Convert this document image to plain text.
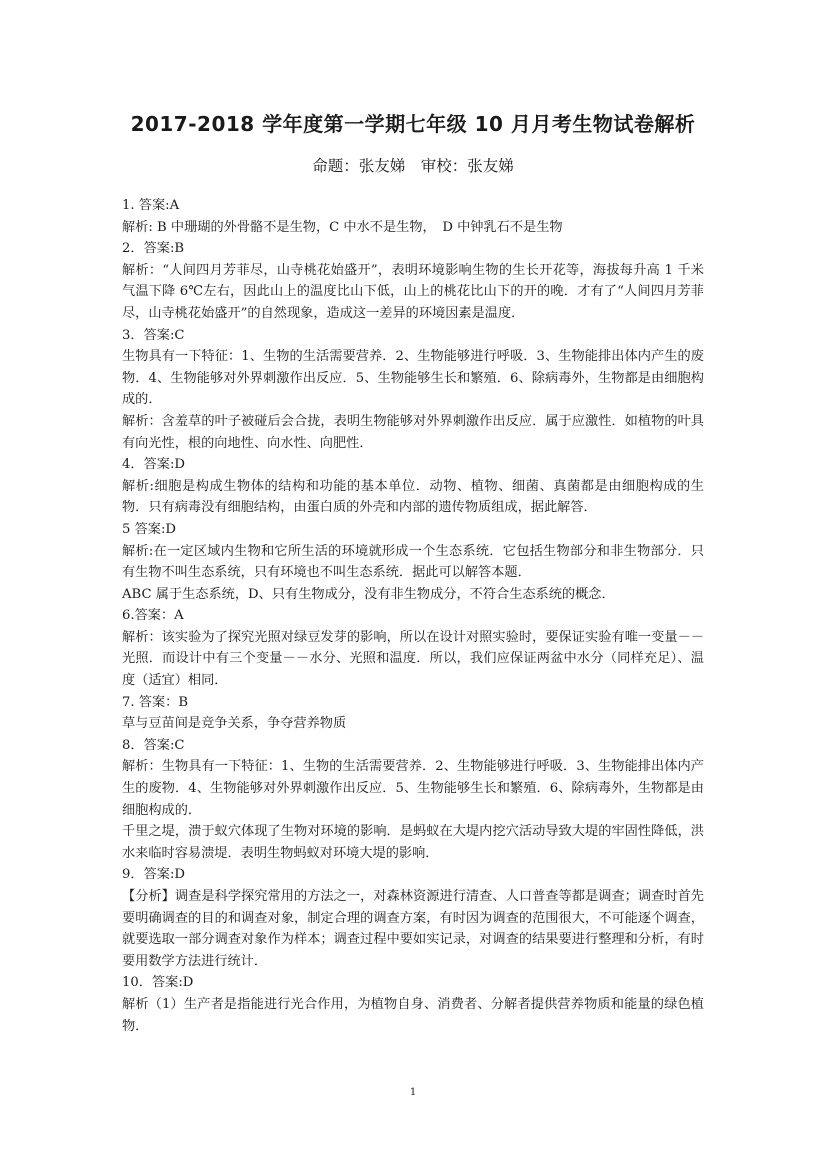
2017-2018 学年度第一学期七年级 10 月月考生物试卷解析
命题：张友娣　审校：张友娣

1. 答案:A

解析: B 中珊瑚的外骨骼不是生物，C 中水不是生物，　D 中钟乳石不是生物

2．答案:B

解析：“人间四月芳菲尽，山寺桃花始盛开”，表明环境影响生物的生长开花等，海拔每升高 1 千米气温下降 6℃左右，因此山上的温度比山下低，山上的桃花比山下的开的晚．才有了“人间四月芳菲尽，山寺桃花始盛开”的自然现象，造成这一差异的环境因素是温度．

3．答案:C

生物具有一下特征：1、生物的生活需要营养．2、生物能够进行呼吸．3、生物能排出体内产生的废物．4、生物能够对外界刺激作出反应．5、生物能够生长和繁殖．6、除病毒外，生物都是由细胞构成的．

解析：含羞草的叶子被碰后会合拢，表明生物能够对外界刺激作出反应．属于应激性．如植物的叶具有向光性，根的向地性、向水性、向肥性．

4．答案:D

解析:细胞是构成生物体的结构和功能的基本单位．动物、植物、细菌、真菌都是由细胞构成的生物．只有病毒没有细胞结构，由蛋白质的外壳和内部的遗传物质组成，据此解答．

5 答案:D

解析:在一定区域内生物和它所生活的环境就形成一个生态系统．它包括生物部分和非生物部分．只有生物不叫生态系统，只有环境也不叫生态系统．据此可以解答本题．

ABC 属于生态系统，D、只有生物成分，没有非生物成分，不符合生态系统的概念．

6.答案：A

解析：该实验为了探究光照对绿豆发芽的影响，所以在设计对照实验时，要保证实验有唯一变量－－光照．而设计中有三个变量－－水分、光照和温度．所以，我们应保证两盆中水分（同样充足）、温度（适宜）相同．

7. 答案：B

草与豆苗间是竞争关系，争夺营养物质

8．答案:C

解析：生物具有一下特征：1、生物的生活需要营养．2、生物能够进行呼吸．3、生物能排出体内产生的废物．4、生物能够对外界刺激作出反应．5、生物能够生长和繁殖．6、除病毒外，生物都是由细胞构成的．

千里之堤，溃于蚁穴体现了生物对环境的影响．是蚂蚁在大堤内挖穴活动导致大堤的牢固性降低，洪水来临时容易溃堤．表明生物蚂蚁对环境大堤的影响．

9．答案:D

【分析】调查是科学探究常用的方法之一，对森林资源进行清查、人口普查等都是调查；调查时首先要明确调查的目的和调查对象，制定合理的调查方案，有时因为调查的范围很大，不可能逐个调查，就要选取一部分调查对象作为样本；调查过程中要如实记录，对调查的结果要进行整理和分析，有时要用数学方法进行统计．

10．答案:D

解析（1）生产者是指能进行光合作用，为植物自身、消费者、分解者提供营养物质和能量的绿色植物．

1
